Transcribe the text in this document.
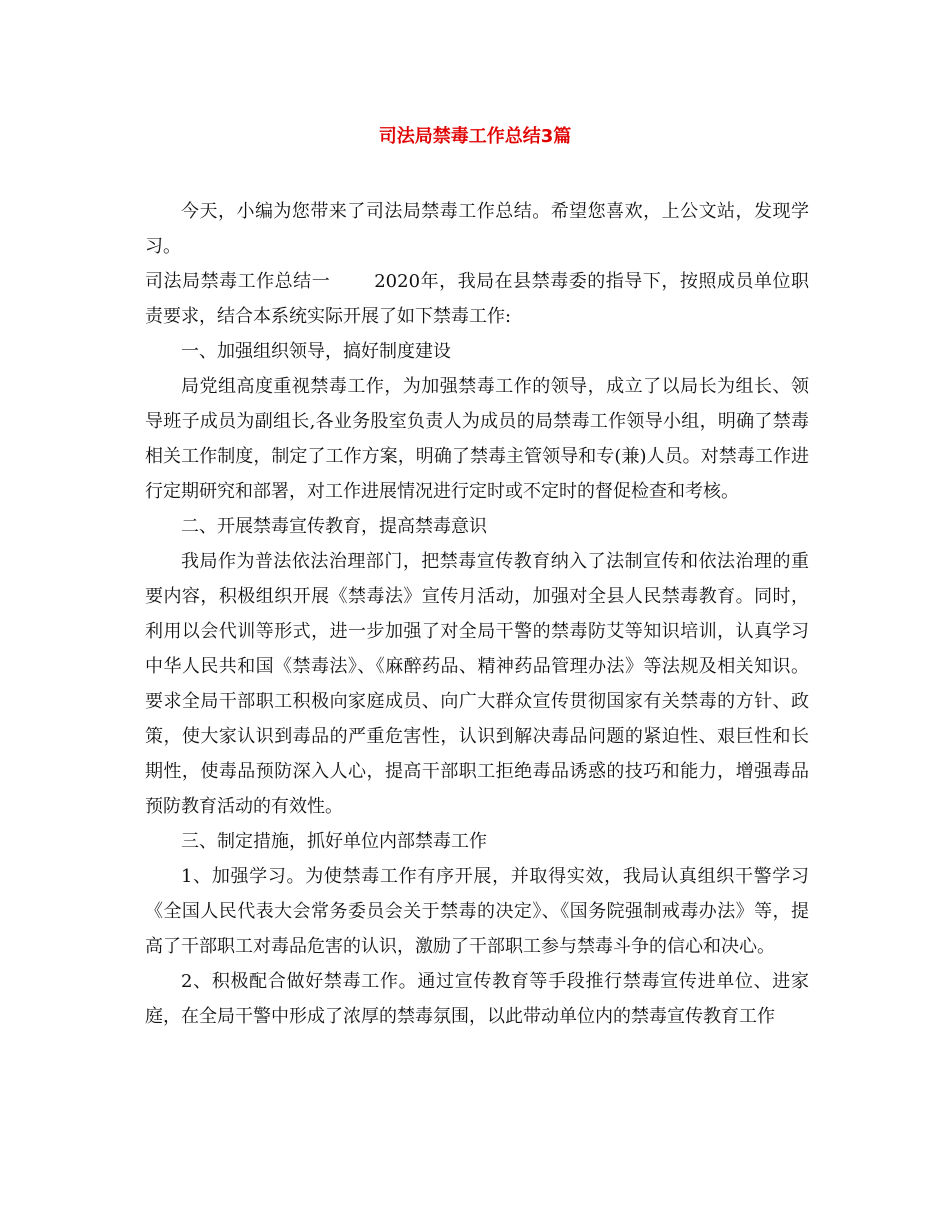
司法局禁毒工作总结3篇

今天，小编为您带来了司法局禁毒工作总结。希望您喜欢，上公文站，发现学习。

司法局禁毒工作总结一 2020年，我局在县禁毒委的指导下，按照成员单位职责要求，结合本系统实际开展了如下禁毒工作:

一、加强组织领导，搞好制度建设

局党组高度重视禁毒工作，为加强禁毒工作的领导，成立了以局长为组长、领导班子成员为副组长,各业务股室负责人为成员的局禁毒工作领导小组，明确了禁毒相关工作制度，制定了工作方案，明确了禁毒主管领导和专(兼)人员。对禁毒工作进行定期研究和部署，对工作进展情况进行定时或不定时的督促检查和考核。

二、开展禁毒宣传教育，提高禁毒意识

我局作为普法依法治理部门，把禁毒宣传教育纳入了法制宣传和依法治理的重要内容，积极组织开展《禁毒法》宣传月活动，加强对全县人民禁毒教育。同时，利用以会代训等形式，进一步加强了对全局干警的禁毒防艾等知识培训，认真学习中华人民共和国《禁毒法》、《麻醉药品、精神药品管理办法》等法规及相关知识。要求全局干部职工积极向家庭成员、向广大群众宣传贯彻国家有关禁毒的方针、政策，使大家认识到毒品的严重危害性，认识到解决毒品问题的紧迫性、艰巨性和长期性，使毒品预防深入人心，提高干部职工拒绝毒品诱惑的技巧和能力，增强毒品预防教育活动的有效性。

三、制定措施，抓好单位内部禁毒工作

1、加强学习。为使禁毒工作有序开展，并取得实效，我局认真组织干警学习《全国人民代表大会常务委员会关于禁毒的决定》、《国务院强制戒毒办法》等，提高了干部职工对毒品危害的认识，激励了干部职工参与禁毒斗争的信心和决心。

2、积极配合做好禁毒工作。通过宣传教育等手段推行禁毒宣传进单位、进家庭，在全局干警中形成了浓厚的禁毒氛围，以此带动单位内的禁毒宣传教育工作
